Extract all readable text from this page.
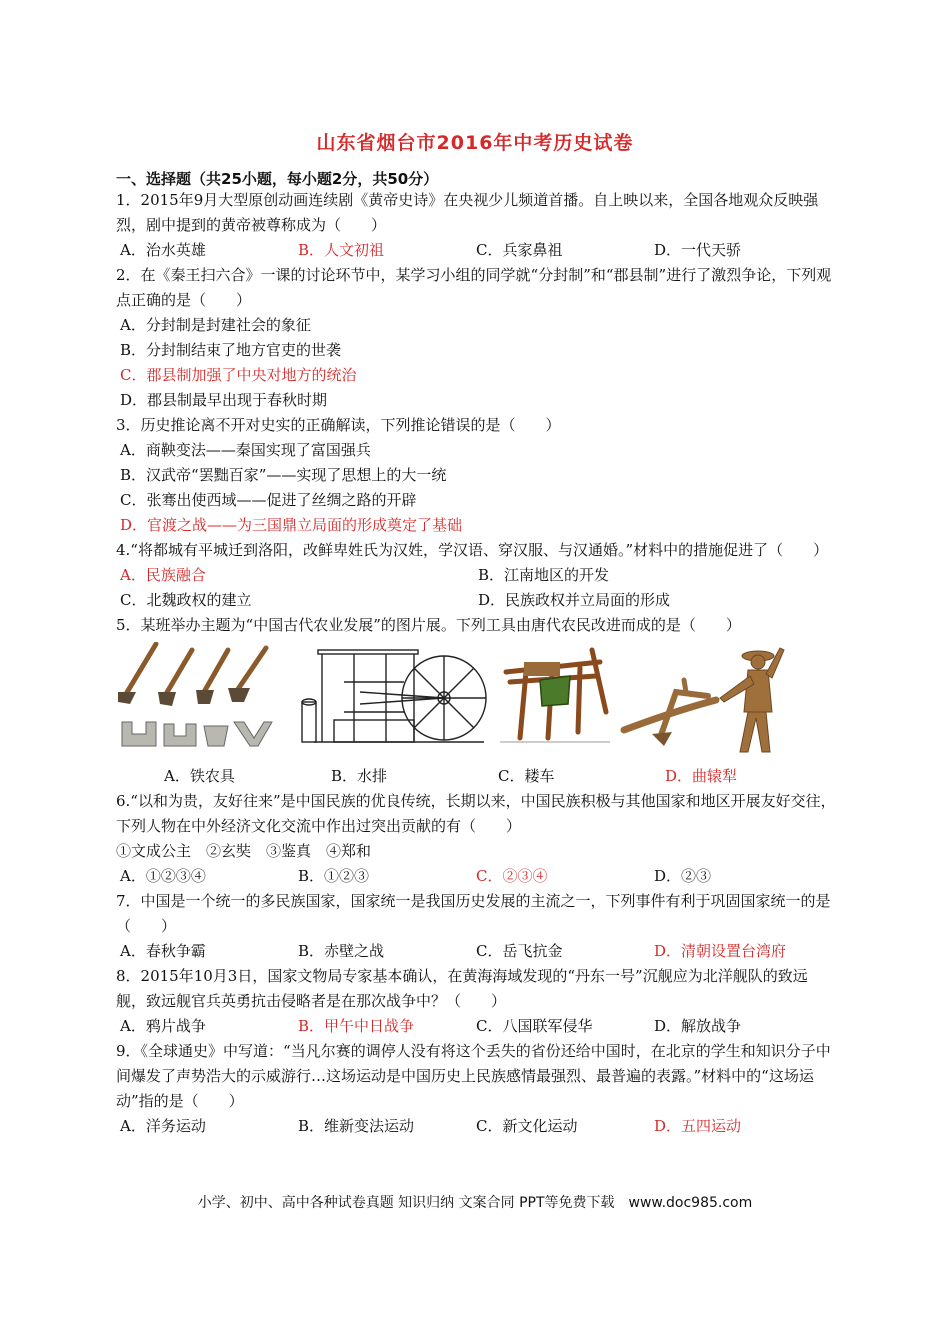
山东省烟台市2016年中考历史试卷
一、选择题（共25小题，每小题2分，共50分）
1．2015年9月大型原创动画连续剧《黄帝史诗》在央视少儿频道首播。自上映以来，全国各地观众反映强烈，剧中提到的黄帝被尊称成为（　　）
A．治水英雄	B．人文初祖	C．兵家鼻祖	D．一代天骄
2．在《秦王扫六合》一课的讨论环节中，某学习小组的同学就“分封制”和“郡县制”进行了激烈争论，下列观点正确的是（　　）
A．分封制是封建社会的象征
B．分封制结束了地方官吏的世袭
C．郡县制加强了中央对地方的统治
D．郡县制最早出现于春秋时期
3．历史推论离不开对史实的正确解读，下列推论错误的是（　　）
A．商鞅变法——秦国实现了富国强兵
B．汉武帝“罢黜百家”——实现了思想上的大一统
C．张骞出使西域——促进了丝绸之路的开辟
D．官渡之战——为三国鼎立局面的形成奠定了基础
4.“将都城有平城迁到洛阳，改鲜卑姓氏为汉姓，学汉语、穿汉服、与汉通婚。”材料中的措施促进了（　　）
A．民族融合	B．江南地区的开发
C．北魏政权的建立	D．民族政权并立局面的形成
5．某班举办主题为“中国古代农业发展”的图片展。下列工具由唐代农民改进而成的是（　　）
A．铁农具	B．水排	C．耧车	D．曲辕犁
6.“以和为贵，友好往来”是中国民族的优良传统，长期以来，中国民族积极与其他国家和地区开展友好交往，下列人物在中外经济文化交流中作出过突出贡献的有（　　）
①文成公主　②玄奘　③鉴真　④郑和
A．①②③④	B．①②③	C．②③④	D．②③
7．中国是一个统一的多民族国家，国家统一是我国历史发展的主流之一，下列事件有利于巩固国家统一的是（　　）
A．春秋争霸	B．赤壁之战	C．岳飞抗金	D．清朝设置台湾府
8．2015年10月3日，国家文物局专家基本确认，在黄海海域发现的“丹东一号”沉舰应为北洋舰队的致远舰，致远舰官兵英勇抗击侵略者是在那次战争中？（　　）
A．鸦片战争	B．甲午中日战争	C．八国联军侵华	D．解放战争
9．《全球通史》中写道：“当凡尔赛的调停人没有将这个丢失的省份还给中国时，在北京的学生和知识分子中间爆发了声势浩大的示威游行…这场运动是中国历史上民族感情最强烈、最普遍的表露。”材料中的“这场运动”指的是（　　）
A．洋务运动	B．维新变法运动	C．新文化运动	D．五四运动
小学、初中、高中各种试卷真题 知识归纳 文案合同 PPT等免费下载　www.doc985.com
